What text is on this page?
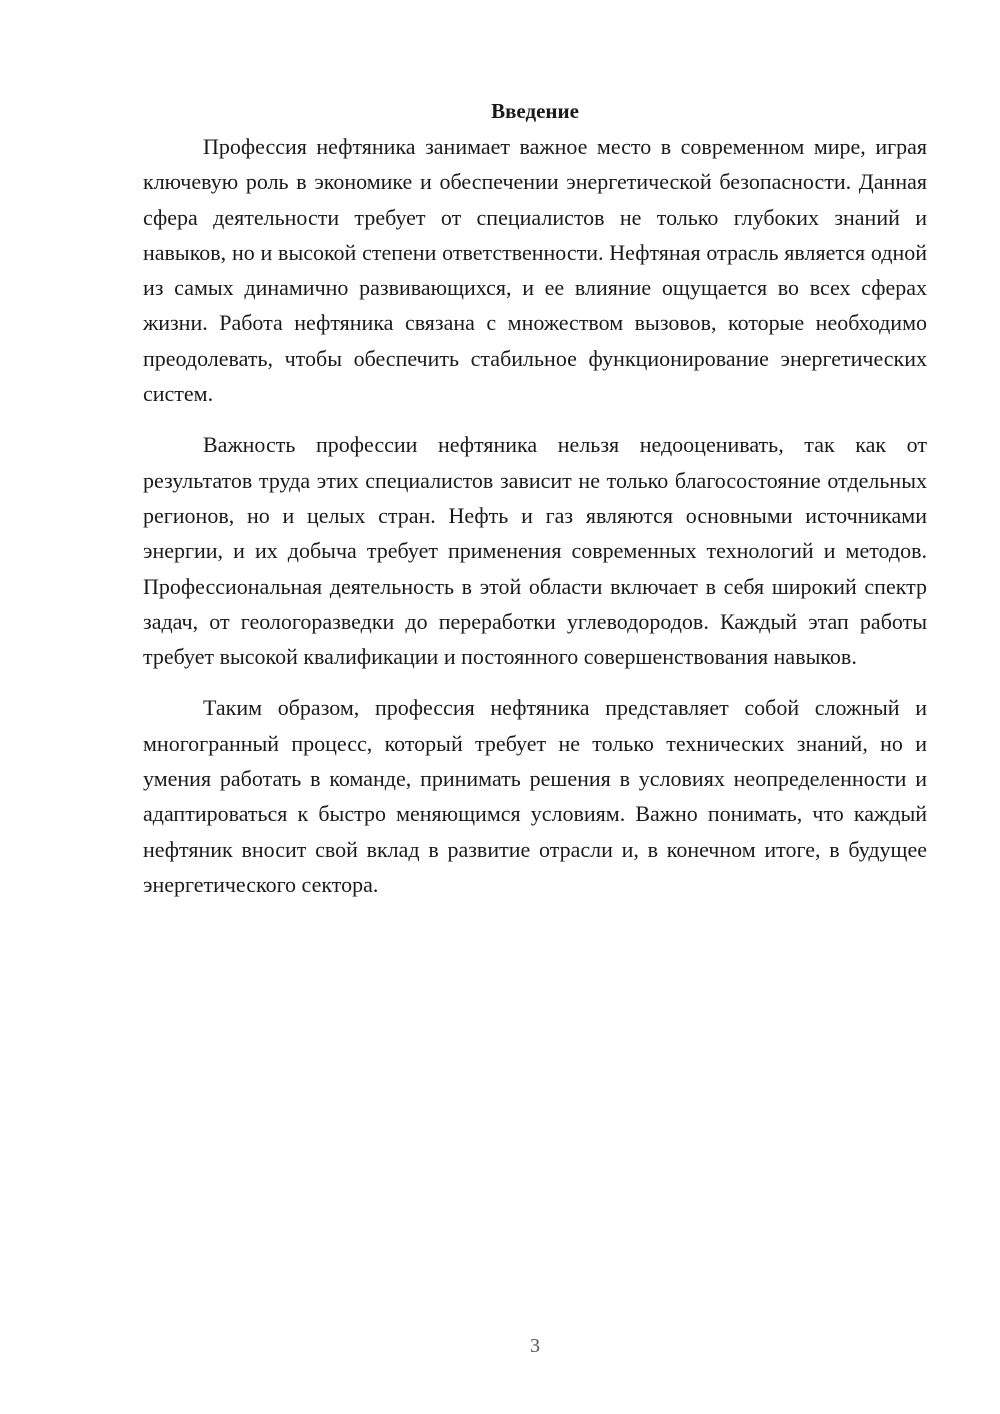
Введение

Профессия нефтяника занимает важное место в современном мире, играя ключевую роль в экономике и обеспечении энергетической безопасности. Данная сфера деятельности требует от специалистов не только глубоких знаний и навыков, но и высокой степени ответственности. Нефтяная отрасль является одной из самых динамично развивающихся, и ее влияние ощущается во всех сферах жизни. Работа нефтяника связана с множеством вызовов, которые необходимо преодолевать, чтобы обеспечить стабильное функционирование энергетических систем.

Важность профессии нефтяника нельзя недооценивать, так как от результатов труда этих специалистов зависит не только благосостояние отдельных регионов, но и целых стран. Нефть и газ являются основными источниками энергии, и их добыча требует применения современных технологий и методов. Профессиональная деятельность в этой области включает в себя широкий спектр задач, от геологоразведки до переработки углеводородов. Каждый этап работы требует высокой квалификации и постоянного совершенствования навыков.

Таким образом, профессия нефтяника представляет собой сложный и многогранный процесс, который требует не только технических знаний, но и умения работать в команде, принимать решения в условиях неопределенности и адаптироваться к быстро меняющимся условиям. Важно понимать, что каждый нефтяник вносит свой вклад в развитие отрасли и, в конечном итоге, в будущее энергетического сектора.

3
